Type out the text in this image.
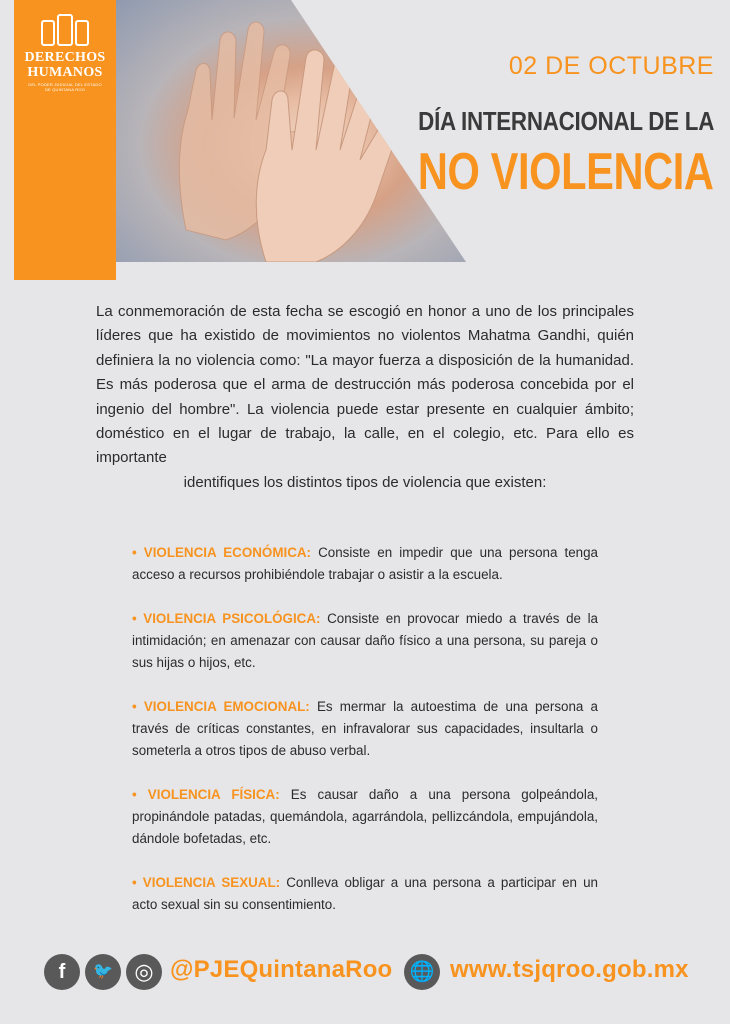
DERECHOS
HUMANOS
DEL PODER JUDICIAL DEL ESTADO
DE QUINTANA ROO
02 DE OCTUBRE
DÍA INTERNACIONAL DE LA
NO VIOLENCIA
La conmemoración de esta fecha se escogió en honor a uno de los principales líderes que ha existido de movimientos no violentos Mahatma Gandhi, quién definiera la no violencia como: "La mayor fuerza a disposición de la humanidad. Es más poderosa que el arma de destrucción más poderosa concebida por el ingenio del hombre". La violencia puede estar presente en cualquier ámbito; doméstico en el lugar de trabajo, la calle, en el colegio, etc. Para ello es importante
identifiques los distintos tipos de violencia que existen:

• VIOLENCIA ECONÓMICA: Consiste en impedir que una persona tenga acceso a recursos prohibiéndole trabajar o asistir a la escuela.

• VIOLENCIA PSICOLÓGICA: Consiste en provocar miedo a través de la intimidación; en amenazar con causar daño físico a una persona, su pareja o sus hijas o hijos, etc.

• VIOLENCIA EMOCIONAL: Es mermar la autoestima de una persona a través de críticas constantes, en infravalorar sus capacidades, insultarla o someterla a otros tipos de abuso verbal.

• VIOLENCIA FÍSICA: Es causar daño a una persona golpeándola, propinándole patadas, quemándola, agarrándola, pellizcándola, empujándola, dándole bofetadas, etc.

• VIOLENCIA SEXUAL: Conlleva obligar a una persona a participar en un acto sexual sin su consentimiento.

f	🐦 ◎ @PJEQuintanaRoo 🌐 www.tsjqroo.gob.mx
